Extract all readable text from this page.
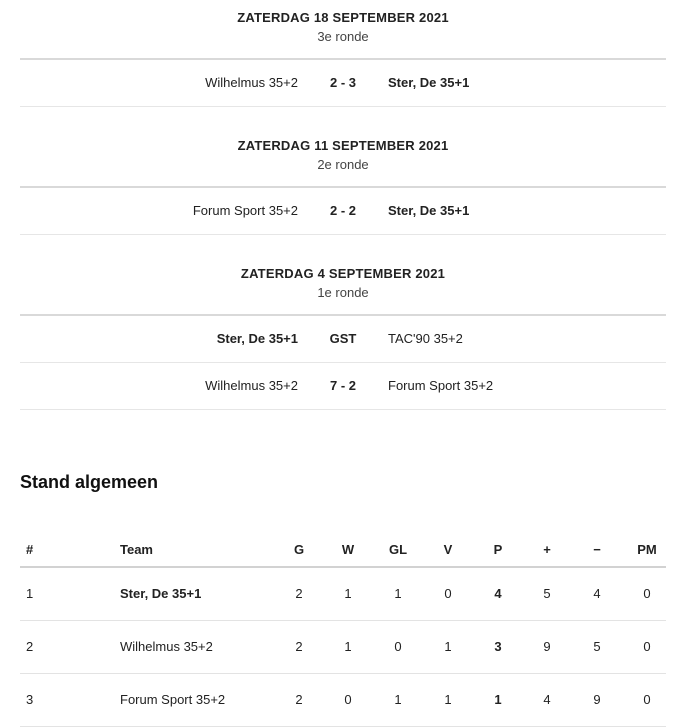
ZATERDAG 18 SEPTEMBER 2021
3e ronde
Wilhelmus 35+2	2 - 3	Ster, De 35+1
ZATERDAG 11 SEPTEMBER 2021
2e ronde
Forum Sport 35+2	2 - 2	Ster, De 35+1
ZATERDAG 4 SEPTEMBER 2021
1e ronde
Ster, De 35+1	GST	TAC'90 35+2
Wilhelmus 35+2	7 - 2	Forum Sport 35+2
Stand algemeen
#	Team	G	W	GL	V	P	+	−	PM
1	Ster, De 35+1	2	1	1	0	4	5	4	0
2	Wilhelmus 35+2	2	1	0	1	3	9	5	0
3	Forum Sport 35+2	2	0	1	1	1	4	9	0
